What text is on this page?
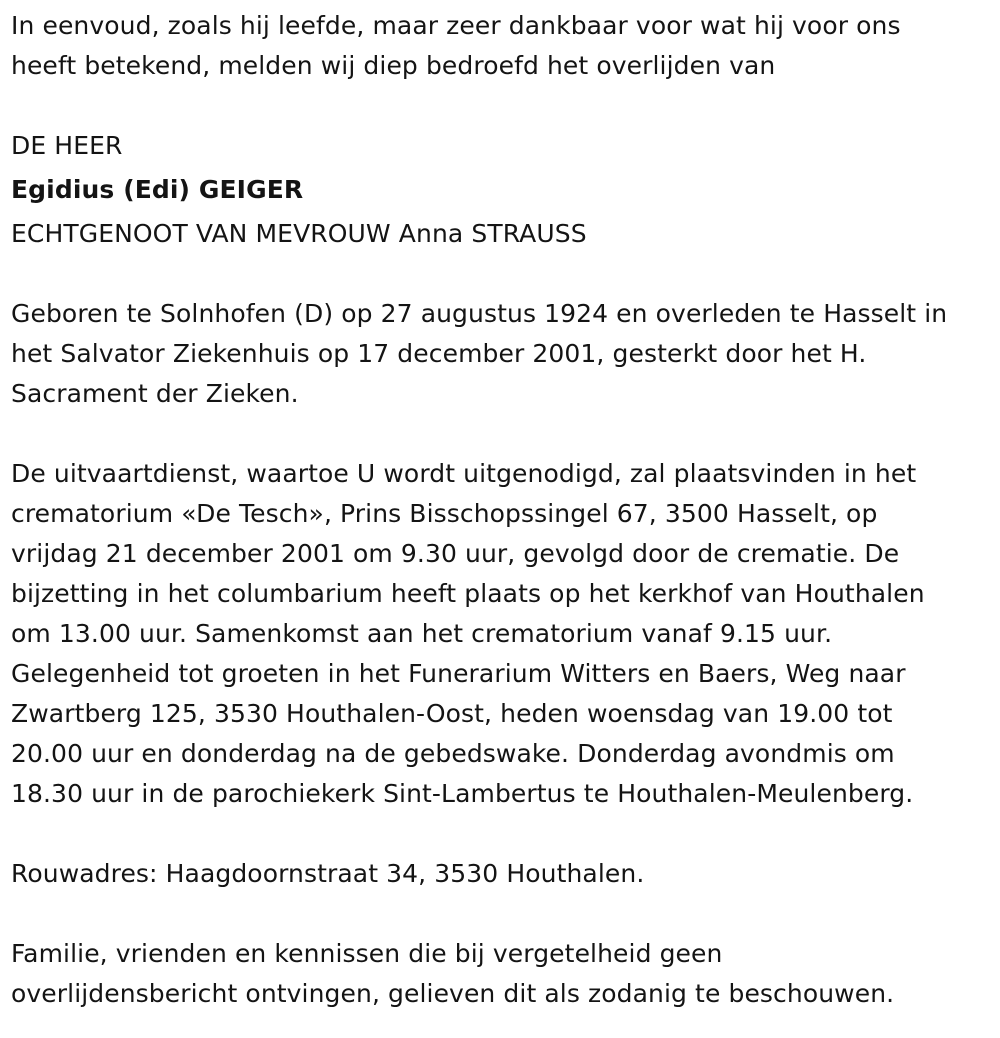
In eenvoud, zoals hij leefde, maar zeer dankbaar voor wat hij voor ons
heeft betekend, melden wij diep bedroefd het overlijden van

DE HEER

Egidius (Edi) GEIGER

ECHTGENOOT VAN MEVROUW Anna STRAUSS

Geboren te Solnhofen (D) op 27 augustus 1924 en overleden te Hasselt in
het Salvator Ziekenhuis op 17 december 2001, gesterkt door het H.
Sacrament der Zieken.

De uitvaartdienst, waartoe U wordt uitgenodigd, zal plaatsvinden in het
crematorium «De Tesch», Prins Bisschopssingel 67, 3500 Hasselt, op
vrijdag 21 december 2001 om 9.30 uur, gevolgd door de crematie. De
bijzetting in het columbarium heeft plaats op het kerkhof van Houthalen
om 13.00 uur. Samenkomst aan het crematorium vanaf 9.15 uur.
Gelegenheid tot groeten in het Funerarium Witters en Baers, Weg naar
Zwartberg 125, 3530 Houthalen-Oost, heden woensdag van 19.00 tot
20.00 uur en donderdag na de gebedswake. Donderdag avondmis om
18.30 uur in de parochiekerk Sint-Lambertus te Houthalen-Meulenberg.

Rouwadres: Haagdoornstraat 34, 3530 Houthalen.

Familie, vrienden en kennissen die bij vergetelheid geen
overlijdensbericht ontvingen, gelieven dit als zodanig te beschouwen.
